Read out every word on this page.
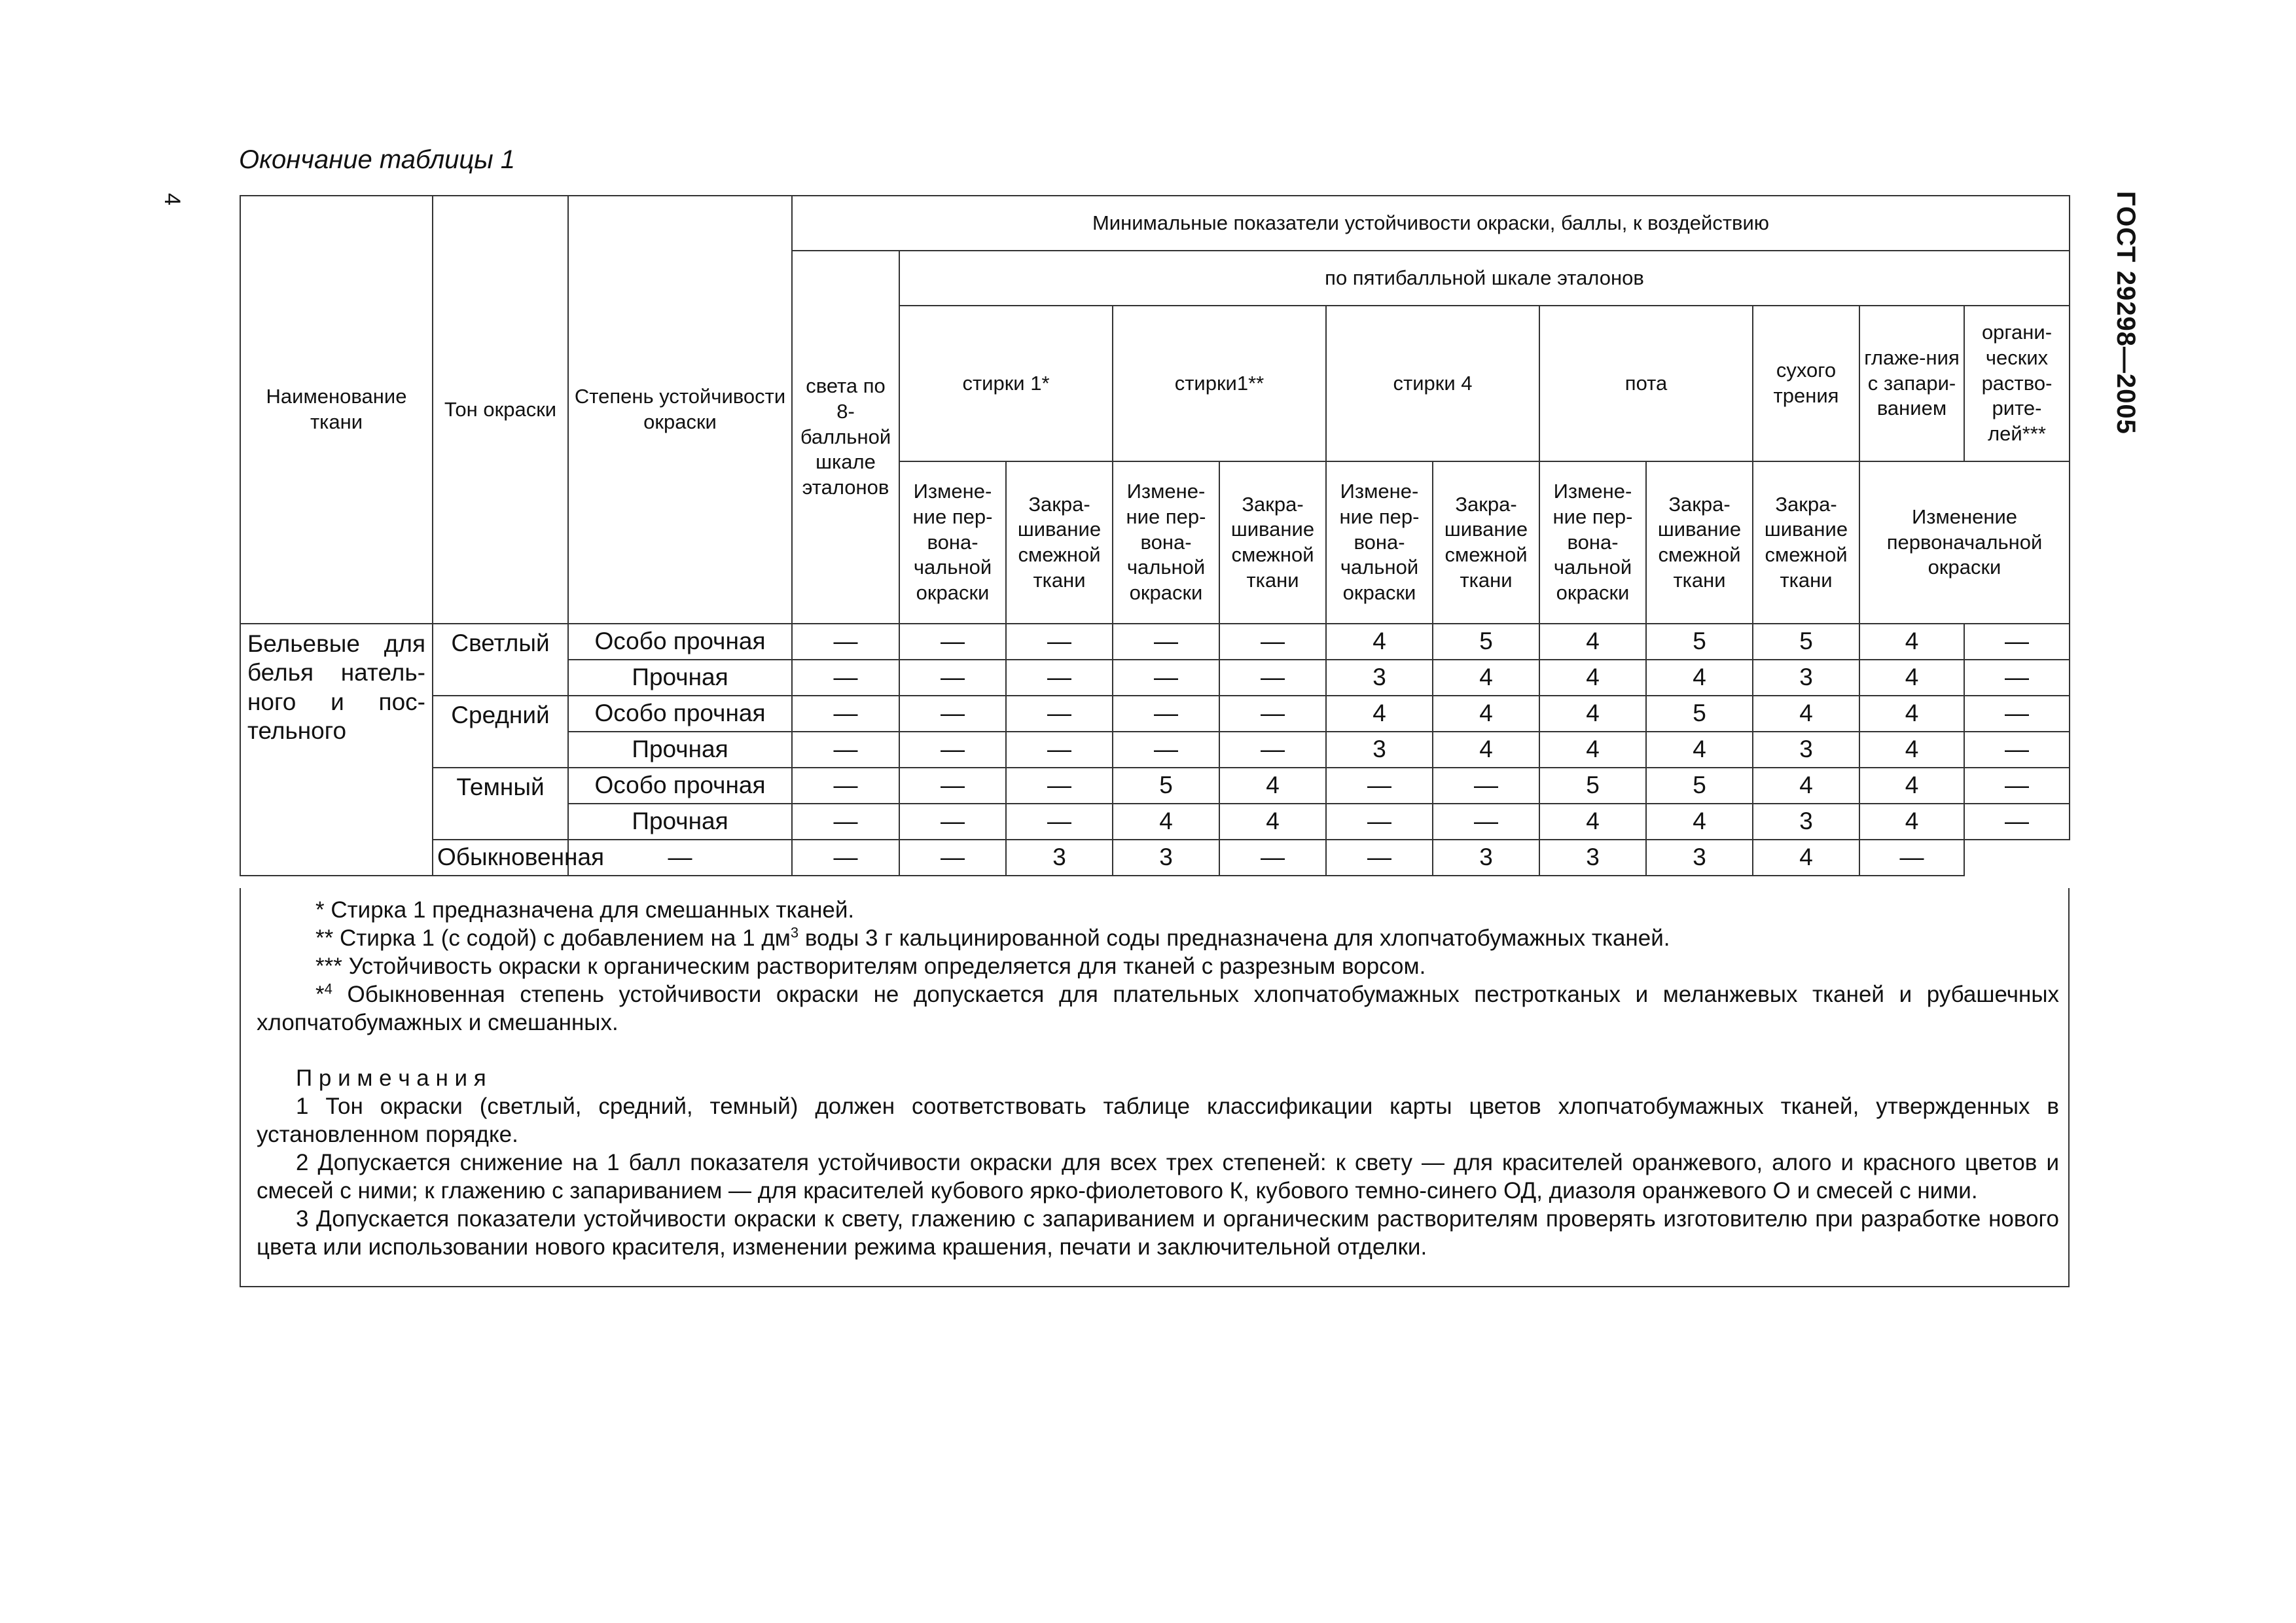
Окончание таблицы 1
4	ГОСТ 29298—2005
Наименование ткани	Тон окраски	Степень устойчивости окраски	Минимальные показатели устойчивости окраски, баллы, к воздействию											
			света по 8-балльной шкале эталонов	по пятибалльной шкале эталонов										
				стирки 1*		стирки1**		стирки 4		пота		сухого трения	глаже-ния с запари-ванием	органи-ческих раство-рите-лей***
				Измене-ние пер-вона-чальной окраски	Закра-шивание смежной ткани	Измене-ние пер-вона-чальной окраски	Закра-шивание смежной ткани	Измене-ние пер-вона-чальной окраски	Закра-шивание смежной ткани	Измене-ние пер-вона-чальной окраски	Закра-шивание смежной ткани	Закра-шивание смежной ткани	Изменение первоначальной окраски	
Бельевые для белья натель-ного и пос-тельного	Светлый	Особо прочная	—	—	—	—	—	4	5	4	5	5	4	—
		Прочная	—	—	—	—	—	3	4	4	4	3	4	—
	Средний	Особо прочная	—	—	—	—	—	4	4	4	5	4	4	—
		Прочная	—	—	—	—	—	3	4	4	4	3	4	—
	Темный	Особо прочная	—	—	—	5	4	—	—	5	5	4	4	—
		Прочная	—	—	—	4	4	—	—	4	4	3	4	—
	Обыкновенная	—	—	—	3	3	—	—	3	3	3	4	—	

* Стирка 1 предназначена для смешанных тканей.

** Стирка 1 (с содой) с добавлением на 1 $дм^3$ воды 3 г кальцинированной соды предназначена для хлопчатобумажных тканей.

*** Устойчивость окраски к органическим растворителям определяется для тканей с разрезным ворсом.

*$^4$ Обыкновенная степень устойчивости окраски не допускается для плательных хлопчатобумажных пестротканых и меланжевых тканей и рубашечных хлопчатобумажных и смешанных.

П р и м е ч а н и я

1 Тон окраски (светлый, средний, темный) должен соответствовать таблице классификации карты цветов хлопчатобумажных тканей, утвержденных в установленном порядке.

2 Допускается снижение на 1 балл показателя устойчивости окраски для всех трех степеней: к свету — для красителей оранжевого, алого и красного цветов и смесей с ними; к глажению с запариванием — для красителей кубового ярко-фиолетового К, кубового темно-синего ОД, диазоля оранжевого О и смесей с ними.

3 Допускается показатели устойчивости окраски к свету, глажению с запариванием и органическим растворителям проверять изготовителю при разработке нового цвета или использовании нового красителя, изменении режима крашения, печати и заключительной отделки.
